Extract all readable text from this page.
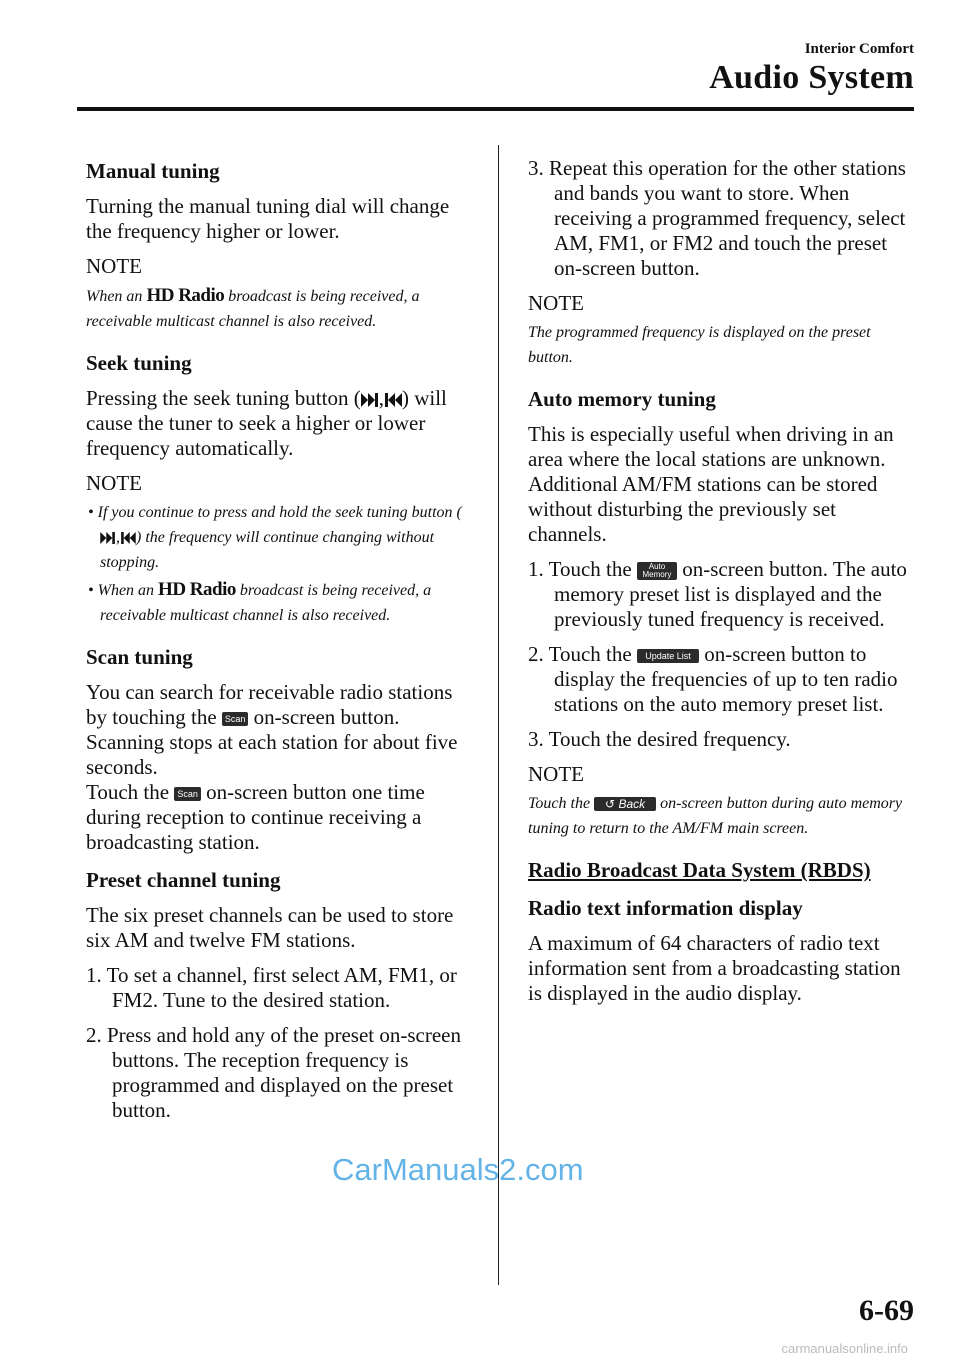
Interior Comfort
Audio System
Manual tuning
Turning the manual tuning dial will change the frequency higher or lower.
NOTE
When an HD Radio broadcast is being received, a receivable multicast channel is also received.
Seek tuning
Pressing the seek tuning button ( , ) will cause the tuner to seek a higher or lower frequency automatically.
NOTE
• If you continue to press and hold the seek tuning button (, ) the frequency will continue changing without stopping.
• When an HD Radio broadcast is being received, a receivable multicast channel is also received.
Scan tuning
You can search for receivable radio stations by touching the Scan on-screen button.
Scanning stops at each station for about five seconds.
Touch the Scan on-screen button one time during reception to continue receiving a broadcasting station.
Preset channel tuning
The six preset channels can be used to store six AM and twelve FM stations.
1. To set a channel, first select AM, FM1, or FM2. Tune to the desired station.
2. Press and hold any of the preset on-screen buttons. The reception frequency is programmed and displayed on the preset button.
3. Repeat this operation for the other stations and bands you want to store. When receiving a programmed frequency, select AM, FM1, or FM2 and touch the preset on-screen button.
NOTE
The programmed frequency is displayed on the preset button.
Auto memory tuning
This is especially useful when driving in an area where the local stations are unknown. Additional AM/FM stations can be stored without disturbing the previously set channels.
1. Touch the Auto
Memory on-screen button. The auto memory preset list is displayed and the previously tuned frequency is received.
2. Touch the Update List on-screen button to display the frequencies of up to ten radio stations on the auto memory preset list.
3. Touch the desired frequency.
NOTE
Touch the ↺ Back on-screen button during auto memory tuning to return to the AM/FM main screen.
Radio Broadcast Data System (RBDS)
Radio text information display
A maximum of 64 characters of radio text information sent from a broadcasting station is displayed in the audio display.
CarManuals2.com
6-69
carmanualsonline.info
